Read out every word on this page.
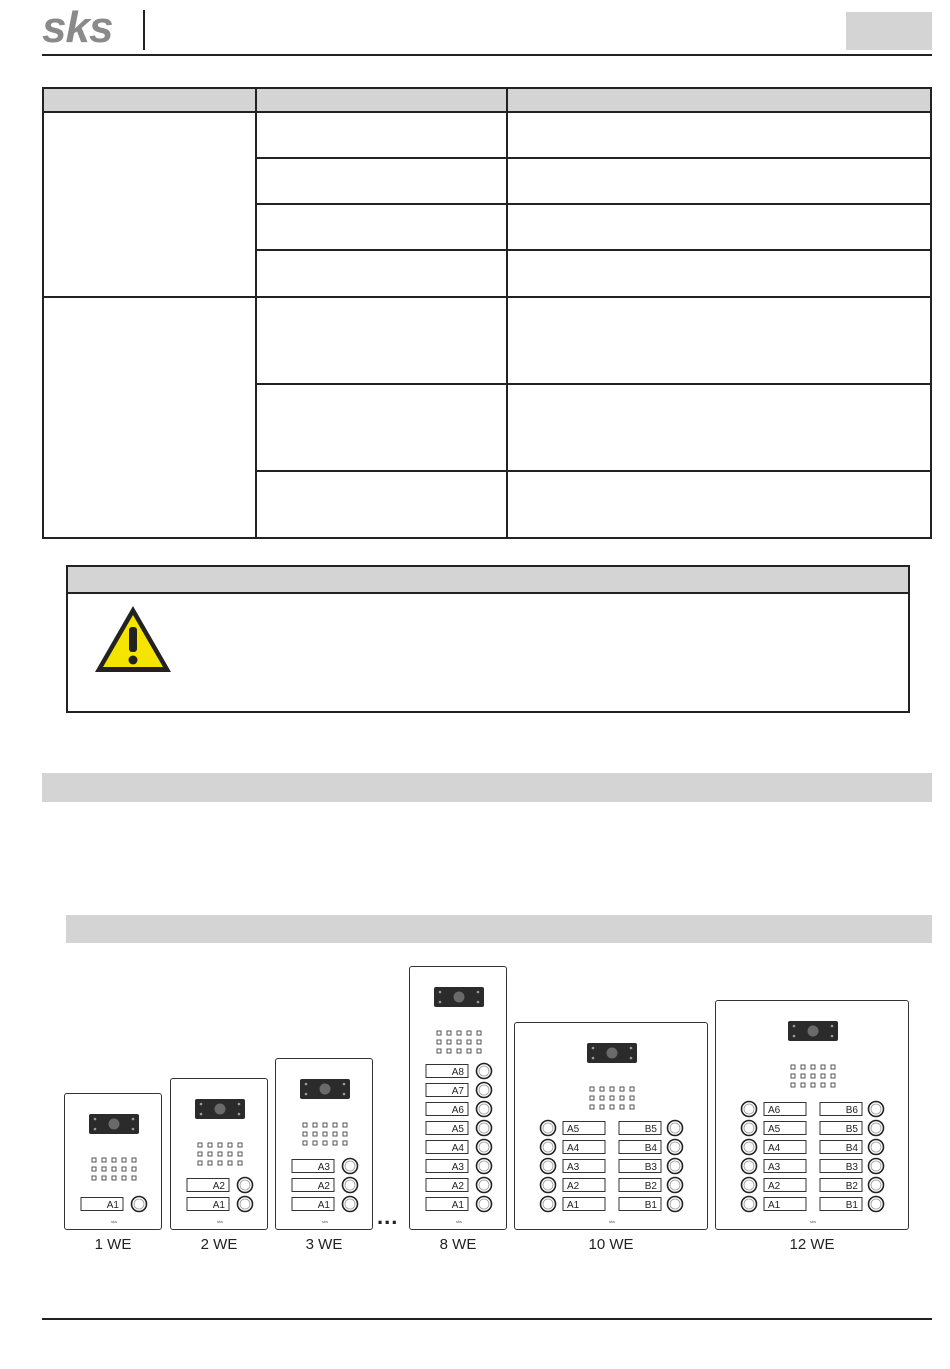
sks
A1
sks
A2
A1
sks
A3
A2
A1
sks
A8
A7
A6
A5
A4
A3
A2
A1
sks
A5
A4
A3
A2
A1
B5
B4
B3
B2
B1
sks
A6
A5
A4
A3
A2
A1
B6
B5
B4
B3
B2
B1
sks
...
1 WE	2 WE	3 WE	8 WE	10 WE	12 WE
